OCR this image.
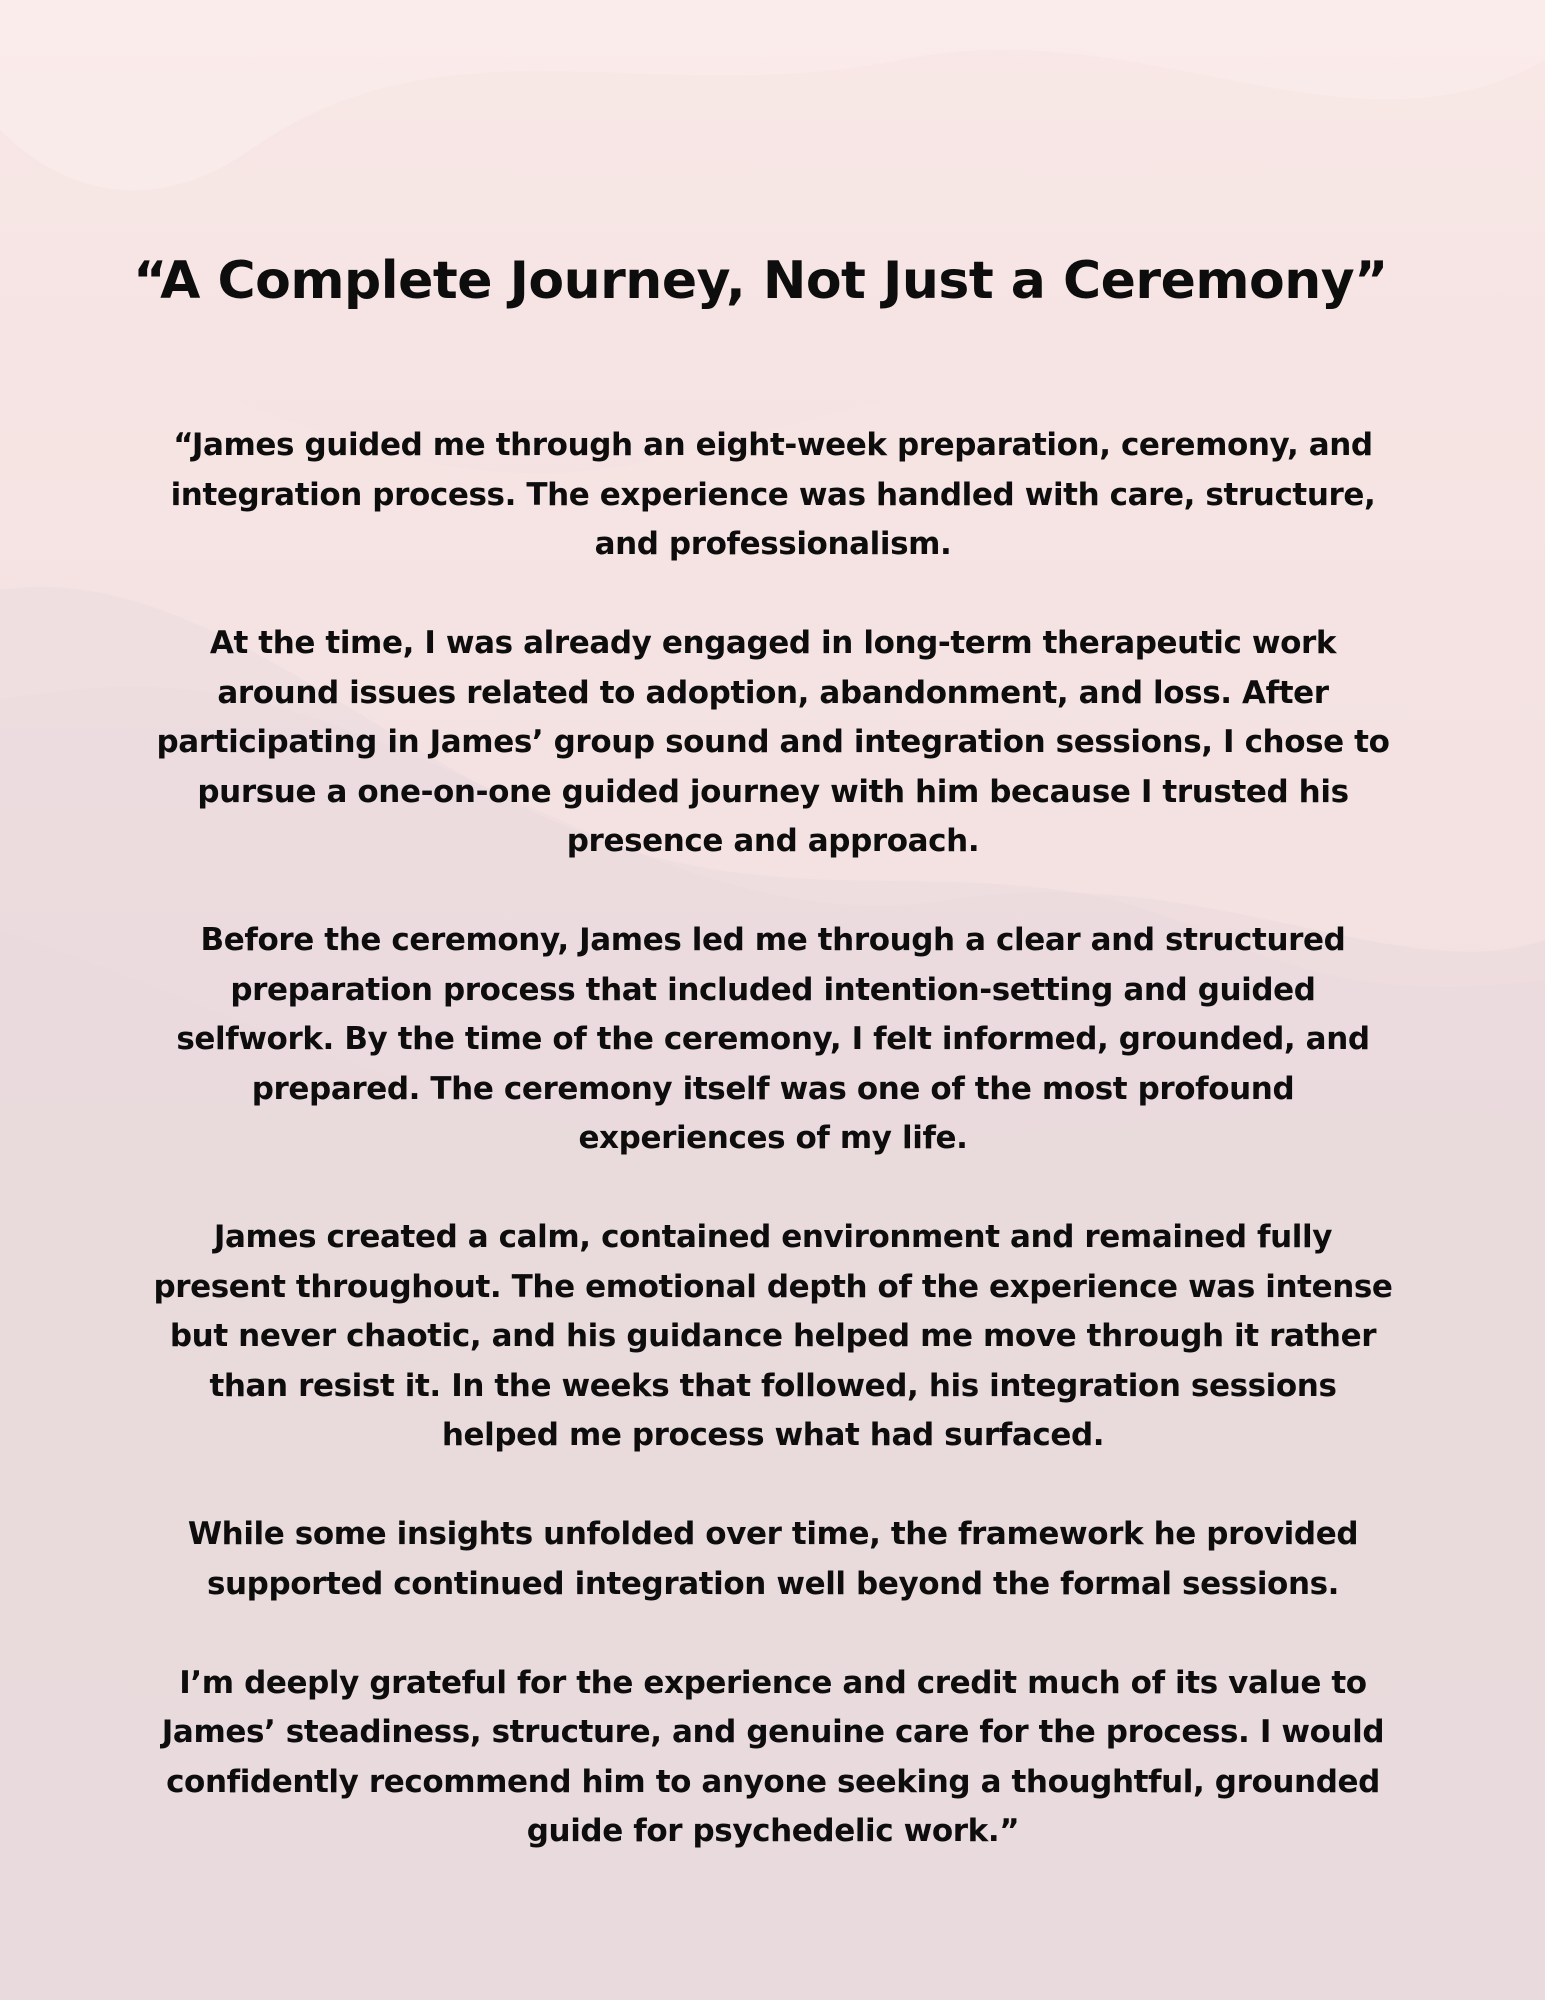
“A Complete Journey, Not Just a Ceremony”

“James guided me through an eight-week preparation, ceremony, and integration process. The experience was handled with care, structure, and professionalism.

At the time, I was already engaged in long-term therapeutic work around issues related to adoption, abandonment, and loss. After participating in James’ group sound and integration sessions, I chose to pursue a one-on-one guided journey with him because I trusted his presence and approach.

Before the ceremony, James led me through a clear and structured preparation process that included intention-setting and guided selfwork. By the time of the ceremony, I felt informed, grounded, and prepared. The ceremony itself was one of the most profound experiences of my life.

James created a calm, contained environment and remained fully present throughout. The emotional depth of the experience was intense but never chaotic, and his guidance helped me move through it rather than resist it. In the weeks that followed, his integration sessions helped me process what had surfaced.

While some insights unfolded over time, the framework he provided supported continued integration well beyond the formal sessions.

I’m deeply grateful for the experience and credit much of its value to James’ steadiness, structure, and genuine care for the process. I would confidently recommend him to anyone seeking a thoughtful, grounded guide for psychedelic work.”
